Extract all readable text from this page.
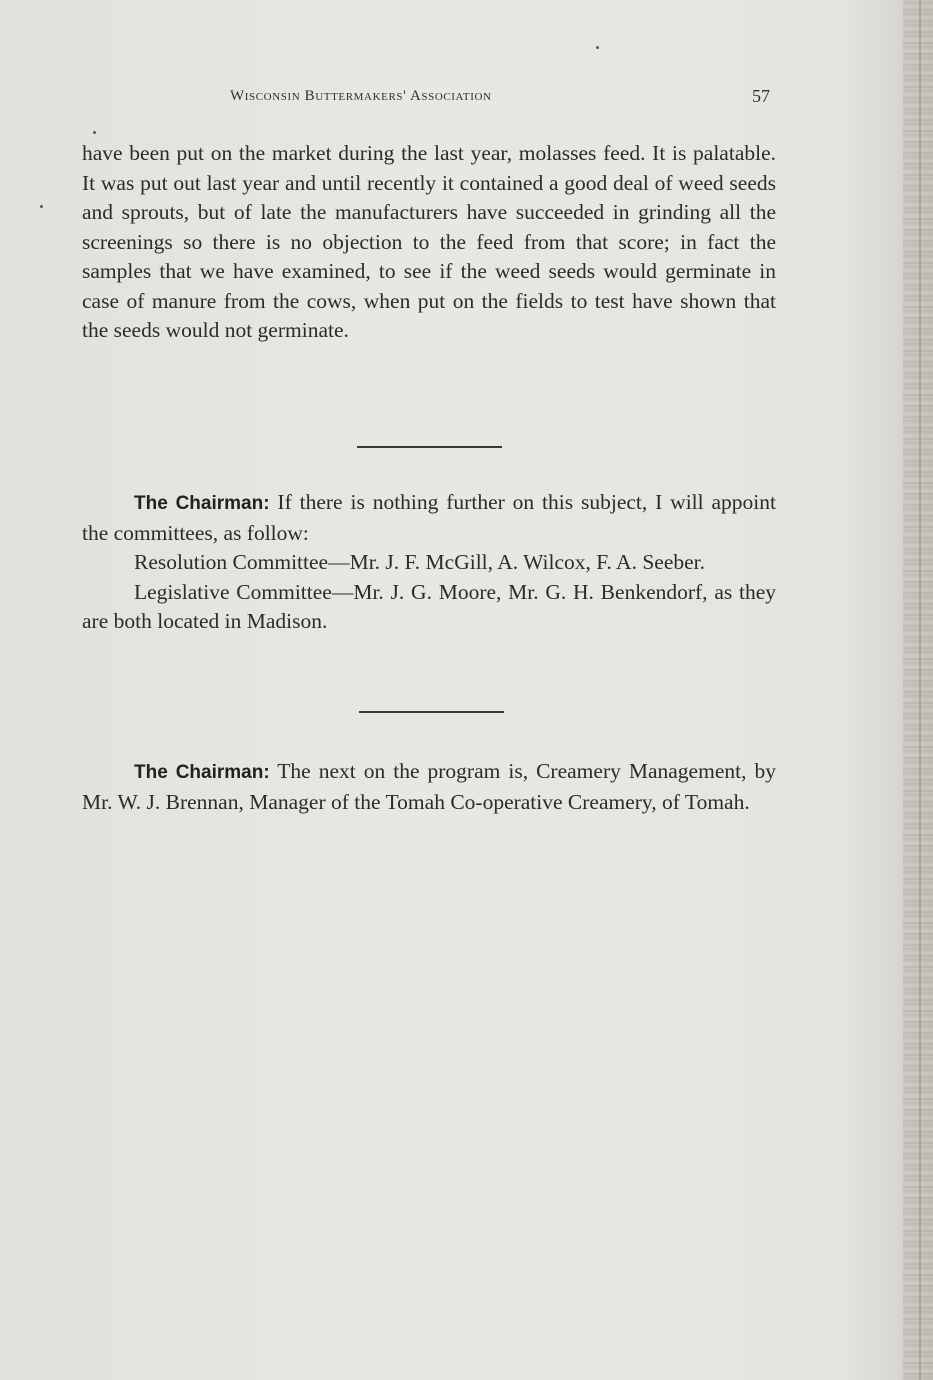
Wisconsin Buttermakers' Association	57

have been put on the market during the last year, molasses feed. It is palatable. It was put out last year and until recently it contained a good deal of weed seeds and sprouts, but of late the manufacturers have succeeded in grinding all the screenings so there is no objection to the feed from that score; in fact the samples that we have examined, to see if the weed seeds would germinate in case of manure from the cows, when put on the fields to test have shown that the seeds would not germinate.

The Chairman: If there is nothing further on this subject, I will appoint the committees, as follow:

Resolution Committee—Mr. J. F. McGill, A. Wilcox, F. A. Seeber.

Legislative Committee—Mr. J. G. Moore, Mr. G. H. Benkendorf, as they are both located in Madison.

The Chairman: The next on the program is, Creamery Management, by Mr. W. J. Brennan, Manager of the Tomah Co-operative Creamery, of Tomah.
